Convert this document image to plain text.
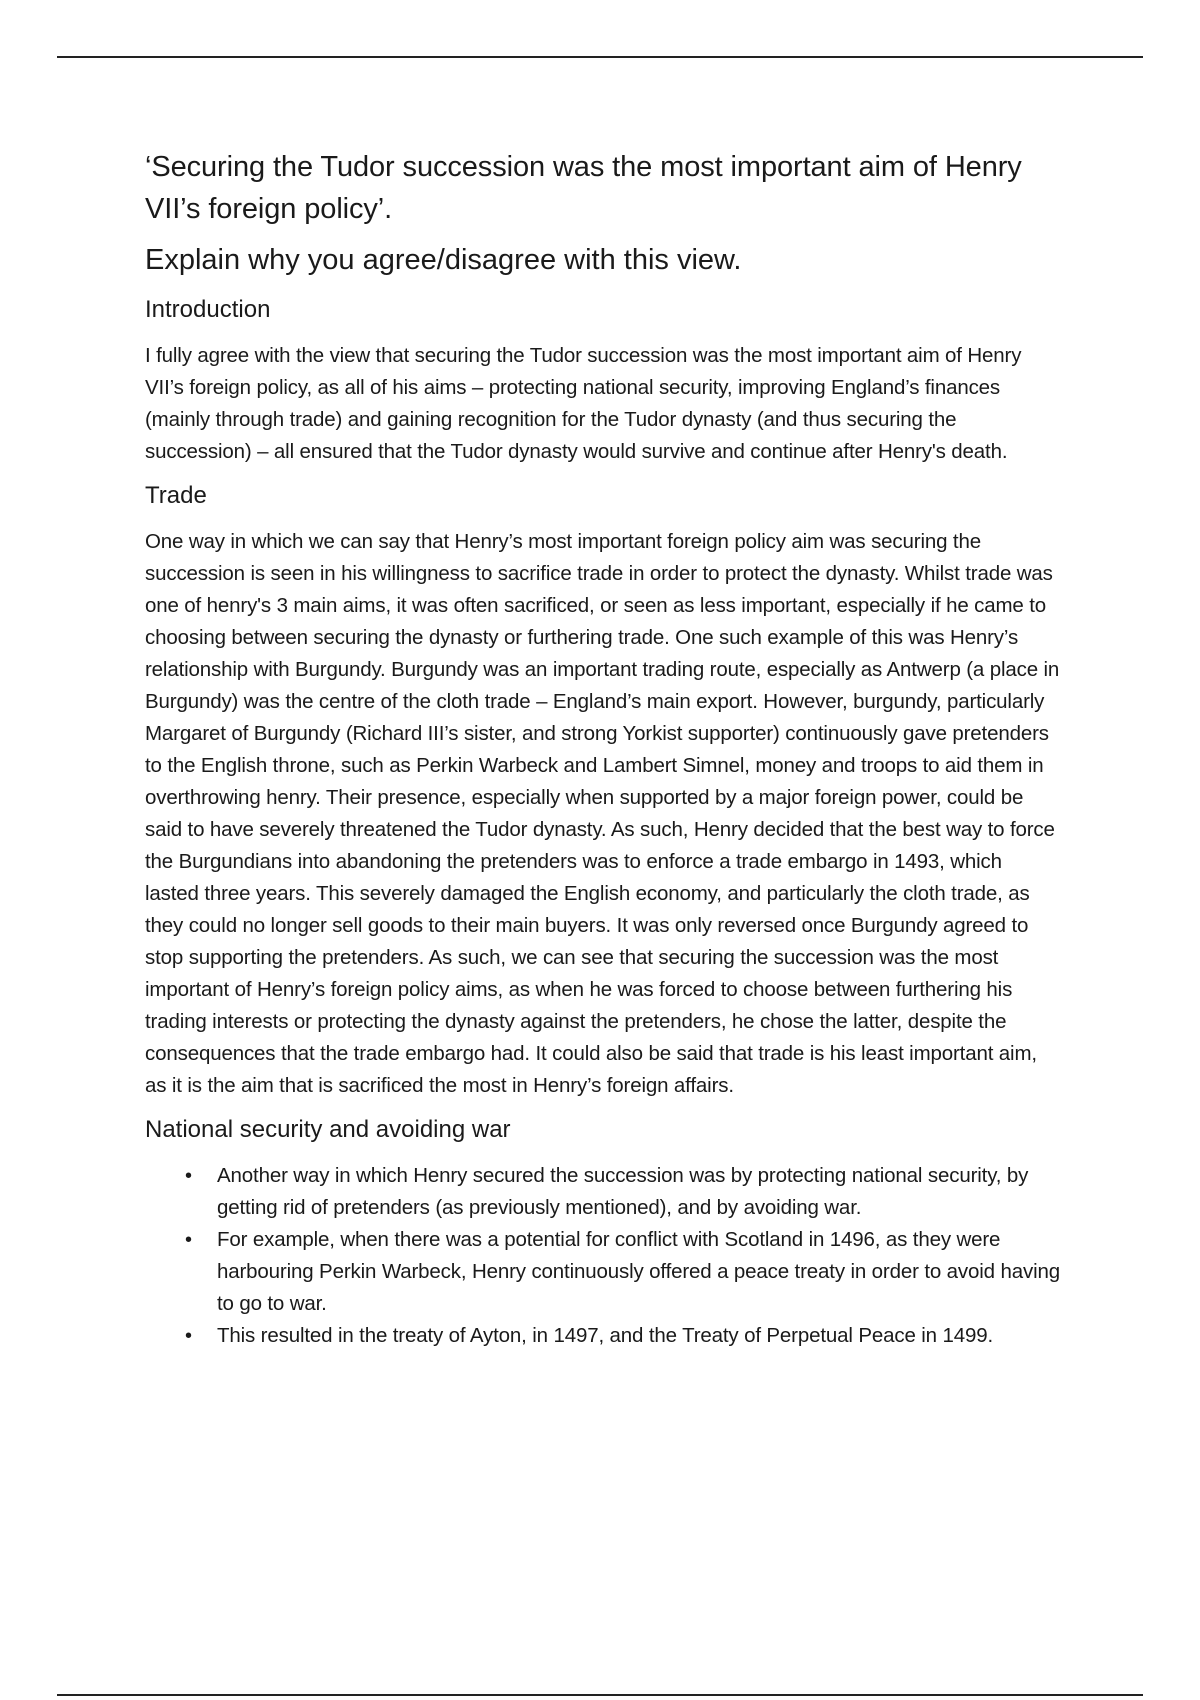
‘Securing the Tudor succession was the most important aim of Henry VII’s foreign policy’.
Explain why you agree/disagree with this view.
Introduction

I fully agree with the view that securing the Tudor succession was the most important aim of Henry VII’s foreign policy, as all of his aims – protecting national security, improving England’s finances (mainly through trade) and gaining recognition for the Tudor dynasty (and thus securing the succession) – all ensured that the Tudor dynasty would survive and continue after Henry's death.

Trade

One way in which we can say that Henry’s most important foreign policy aim was securing the succession is seen in his willingness to sacrifice trade in order to protect the dynasty. Whilst trade was one of henry's 3 main aims, it was often sacrificed, or seen as less important, especially if he came to choosing between securing the dynasty or furthering trade. One such example of this was Henry’s relationship with Burgundy. Burgundy was an important trading route, especially as Antwerp (a place in Burgundy) was the centre of the cloth trade – England’s main export. However, burgundy, particularly Margaret of Burgundy (Richard III’s sister, and strong Yorkist supporter) continuously gave pretenders to the English throne, such as Perkin Warbeck and Lambert Simnel, money and troops to aid them in overthrowing henry. Their presence, especially when supported by a major foreign power, could be said to have severely threatened the Tudor dynasty. As such, Henry decided that the best way to force the Burgundians into abandoning the pretenders was to enforce a trade embargo in 1493, which lasted three years. This severely damaged the English economy, and particularly the cloth trade, as they could no longer sell goods to their main buyers. It was only reversed once Burgundy agreed to stop supporting the pretenders. As such, we can see that securing the succession was the most important of Henry’s foreign policy aims, as when he was forced to choose between furthering his trading interests or protecting the dynasty against the pretenders, he chose the latter, despite the consequences that the trade embargo had. It could also be said that trade is his least important aim, as it is the aim that is sacrificed the most in Henry’s foreign affairs.

National security and avoiding war
• Another way in which Henry secured the succession was by protecting national security, by getting rid of pretenders (as previously mentioned), and by avoiding war.
• For example, when there was a potential for conflict with Scotland in 1496, as they were harbouring Perkin Warbeck, Henry continuously offered a peace treaty in order to avoid having to go to war.
• This resulted in the treaty of Ayton, in 1497, and the Treaty of Perpetual Peace in 1499.
